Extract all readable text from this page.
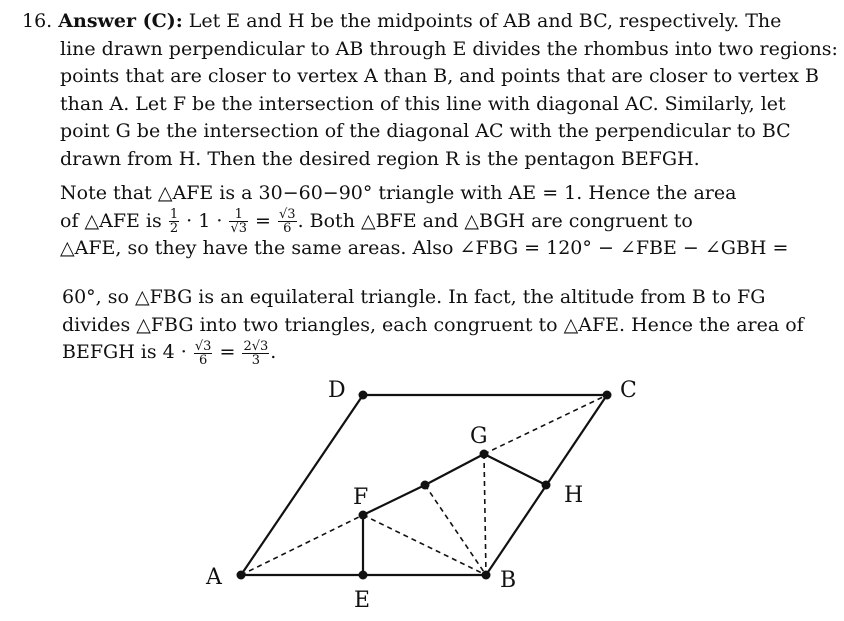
16. Answer (C): Let E and H be the midpoints of AB and BC, respectively. The
line drawn perpendicular to AB through E divides the rhombus into two regions:
points that are closer to vertex A than B, and points that are closer to vertex B
than A. Let F be the intersection of this line with diagonal AC. Similarly, let
point G be the intersection of the diagonal AC with the perpendicular to BC
drawn from H. Then the desired region R is the pentagon BEFGH.
Note that △AFE is a 30−60−90° triangle with AE = 1. Hence the area
of △AFE is $\frac{1}{2} \cdot 1 \cdot \frac{1}{√3} = \frac{√3}{6}$ . Both △BFE and △BGH are congruent to
△AFE, so they have the same areas. Also ∠FBG = 120° − ∠FBE − ∠GBH =
60°, so △FBG is an equilateral triangle. In fact, the altitude from B to FG
divides △FBG into two triangles, each congruent to △AFE. Hence the area of
BEFGH is $4 \cdot \frac{√3}{6} = \frac{2√3}{3}$ .
A	B
C
D
E
F
G
H
